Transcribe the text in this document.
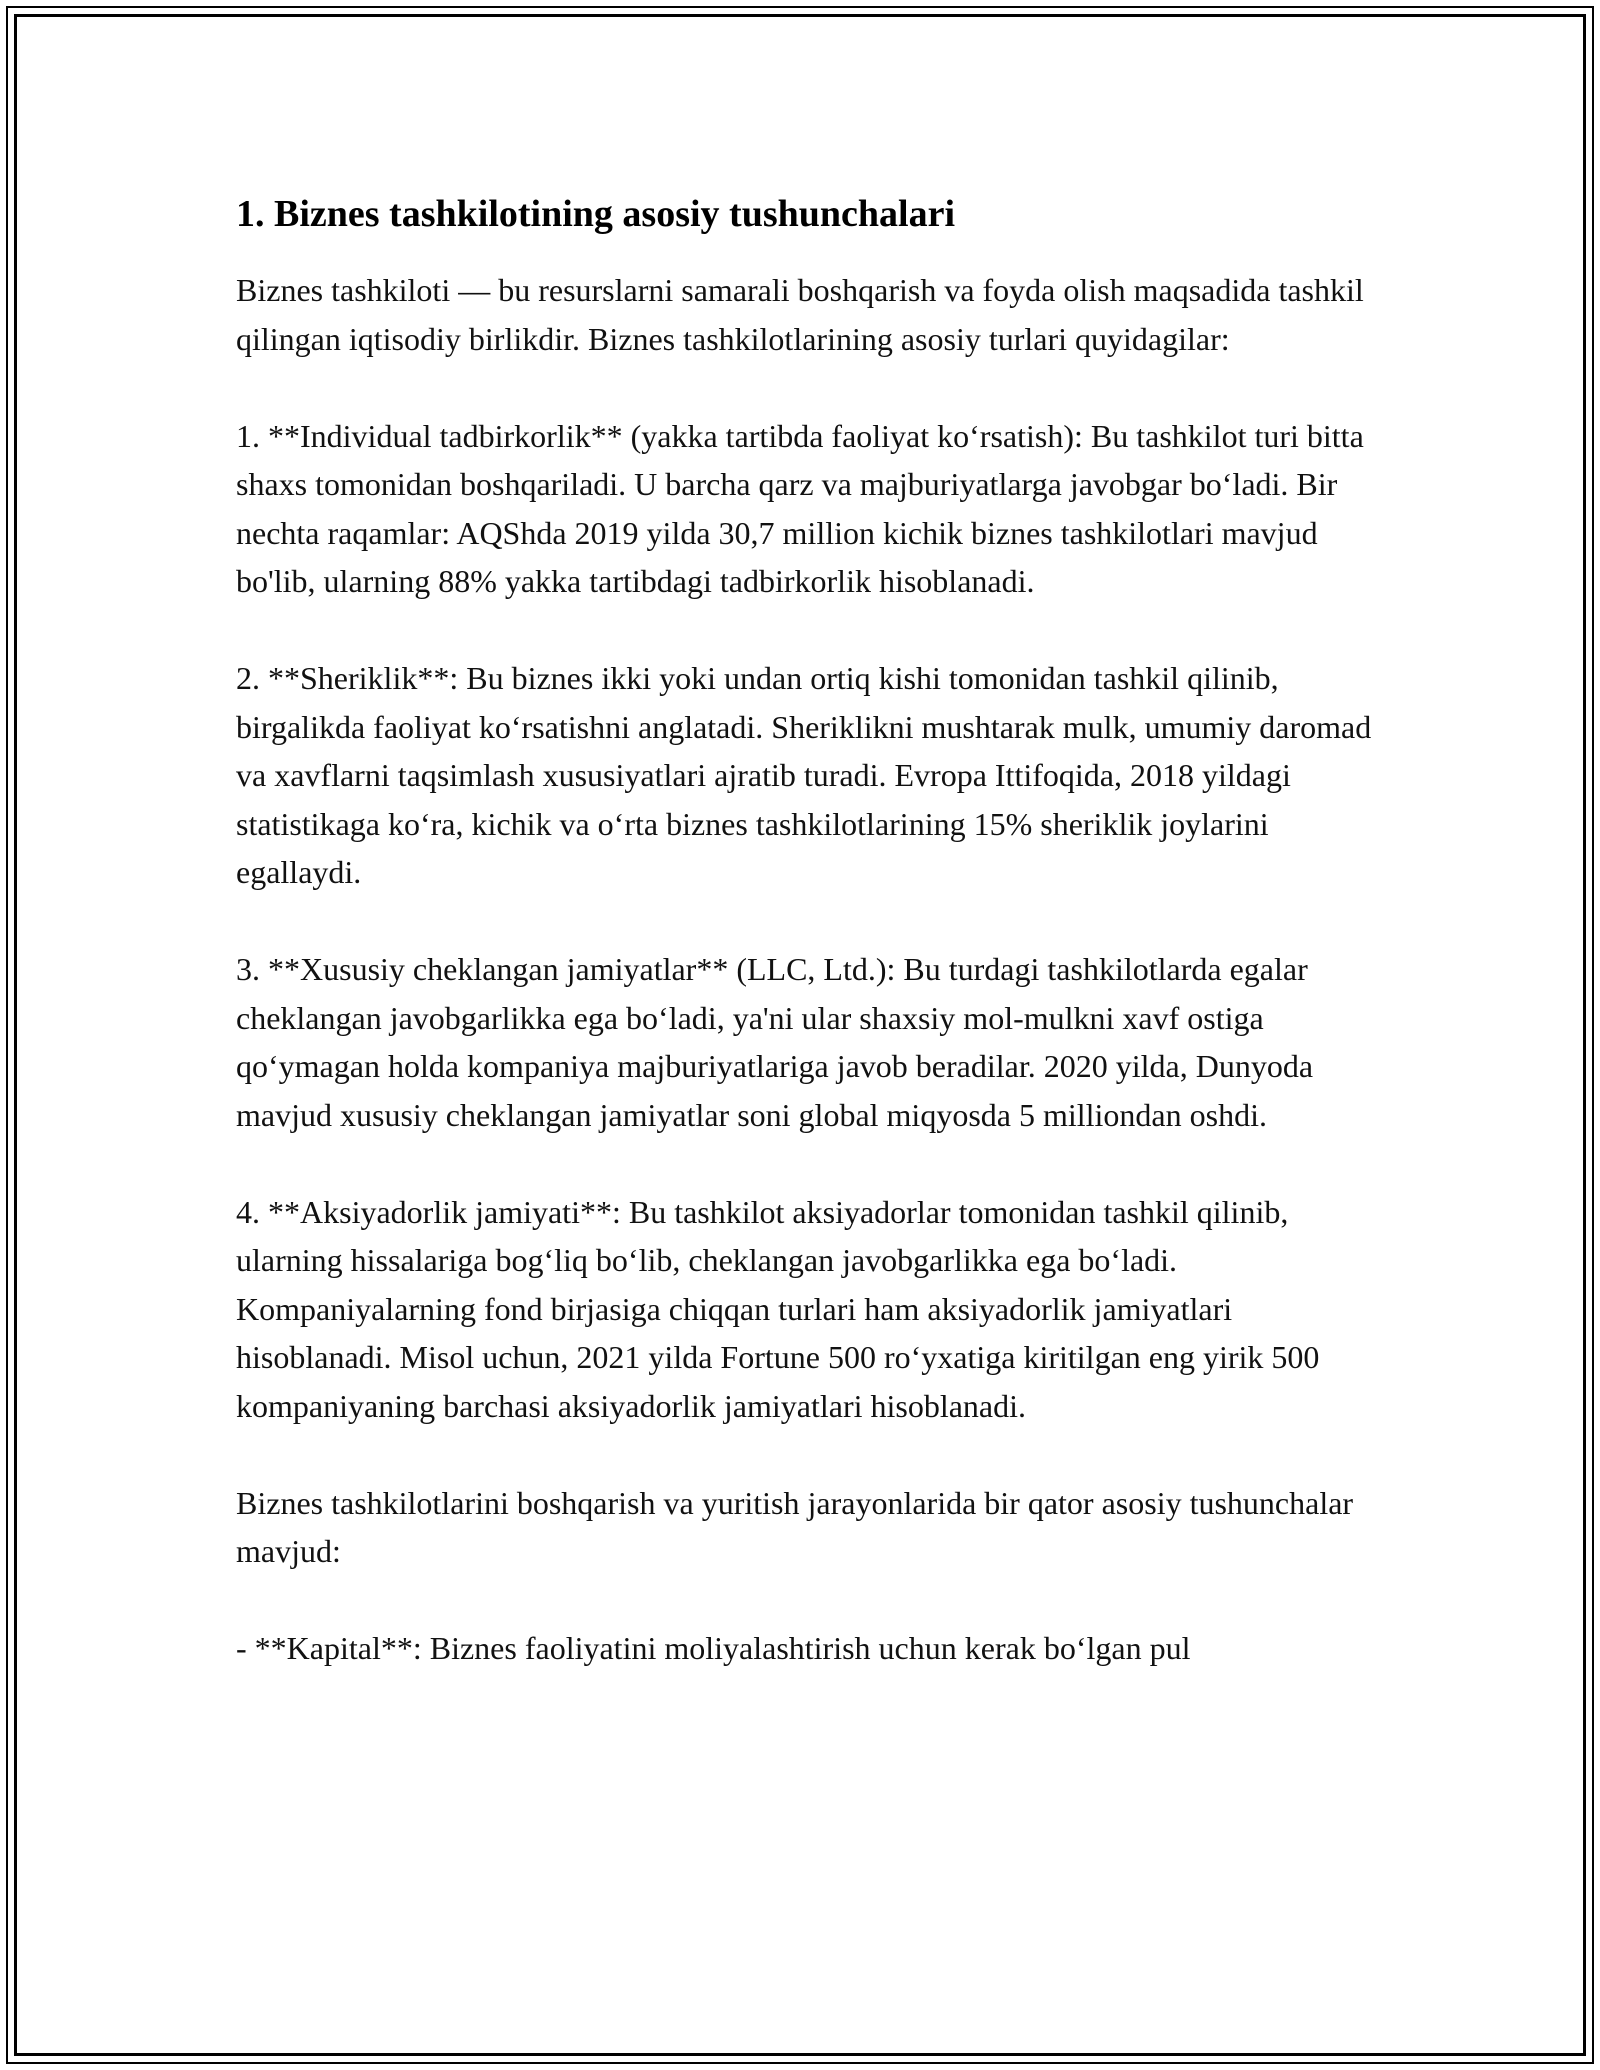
1. Biznes tashkilotining asosiy tushunchalari

Biznes tashkiloti — bu resurslarni samarali boshqarish va foyda olish maqsadida tashkil qilingan iqtisodiy birlikdir. Biznes tashkilotlarining asosiy turlari quyidagilar:

1. **Individual tadbirkorlik** (yakka tartibda faoliyat koʻrsatish): Bu tashkilot turi bitta shaxs tomonidan boshqariladi. U barcha qarz va majburiyatlarga javobgar boʻladi. Bir nechta raqamlar: AQShda 2019 yilda 30,7 million kichik biznes tashkilotlari mavjud bo'lib, ularning 88% yakka tartibdagi tadbirkorlik hisoblanadi.

2. **Sheriklik**: Bu biznes ikki yoki undan ortiq kishi tomonidan tashkil qilinib, birgalikda faoliyat koʻrsatishni anglatadi. Sheriklikni mushtarak mulk, umumiy daromad va xavflarni taqsimlash xususiyatlari ajratib turadi. Evropa Ittifoqida, 2018 yildagi statistikaga koʻra, kichik va oʻrta biznes tashkilotlarining 15% sheriklik joylarini egallaydi.

3. **Xususiy cheklangan jamiyatlar** (LLC, Ltd.): Bu turdagi tashkilotlarda egalar cheklangan javobgarlikka ega boʻladi, ya'ni ular shaxsiy mol-mulkni xavf ostiga qoʻymagan holda kompaniya majburiyatlariga javob beradilar. 2020 yilda, Dunyoda mavjud xususiy cheklangan jamiyatlar soni global miqyosda 5 milliondan oshdi.

4. **Aksiyadorlik jamiyati**: Bu tashkilot aksiyadorlar tomonidan tashkil qilinib, ularning hissalariga bogʻliq boʻlib, cheklangan javobgarlikka ega boʻladi. Kompaniyalarning fond birjasiga chiqqan turlari ham aksiyadorlik jamiyatlari hisoblanadi. Misol uchun, 2021 yilda Fortune 500 roʻyxatiga kiritilgan eng yirik 500 kompaniyaning barchasi aksiyadorlik jamiyatlari hisoblanadi.

Biznes tashkilotlarini boshqarish va yuritish jarayonlarida bir qator asosiy tushunchalar mavjud:

- **Kapital**: Biznes faoliyatini moliyalashtirish uchun kerak boʻlgan pul
